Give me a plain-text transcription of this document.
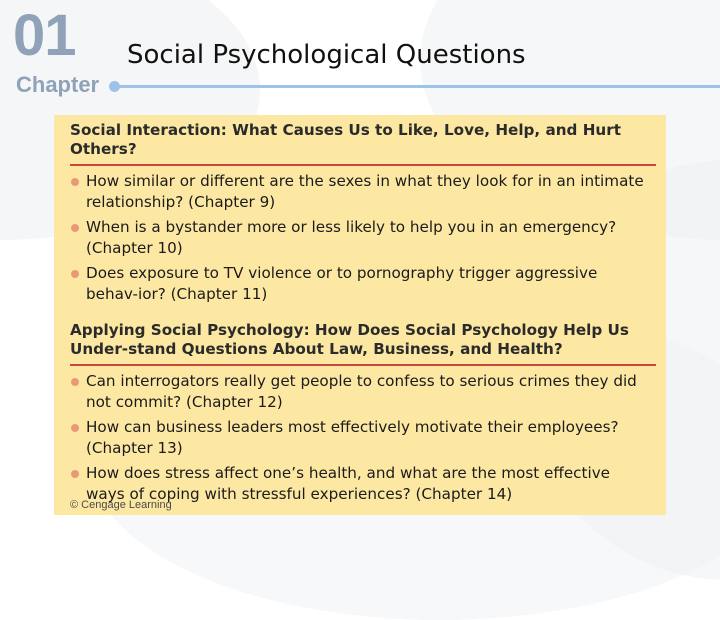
01
Chapter
Social Psychological Questions
Social Interaction: What Causes Us to Like, Love, Help, and Hurt Others?
How similar or different are the sexes in what they look for in an intimate relationship? (Chapter 9)
When is a bystander more or less likely to help you in an emergency? (Chapter 10)
Does exposure to TV violence or to pornography trigger aggressive behav-ior? (Chapter 11)
Applying Social Psychology: How Does Social Psychology Help Us Under-stand Questions About Law, Business, and Health?
Can interrogators really get people to confess to serious crimes they did not commit? (Chapter 12)
How can business leaders most effectively motivate their employees? (Chapter 13)
How does stress affect one’s health, and what are the most effective ways of coping with stressful experiences? (Chapter 14)
© Cengage Learning
